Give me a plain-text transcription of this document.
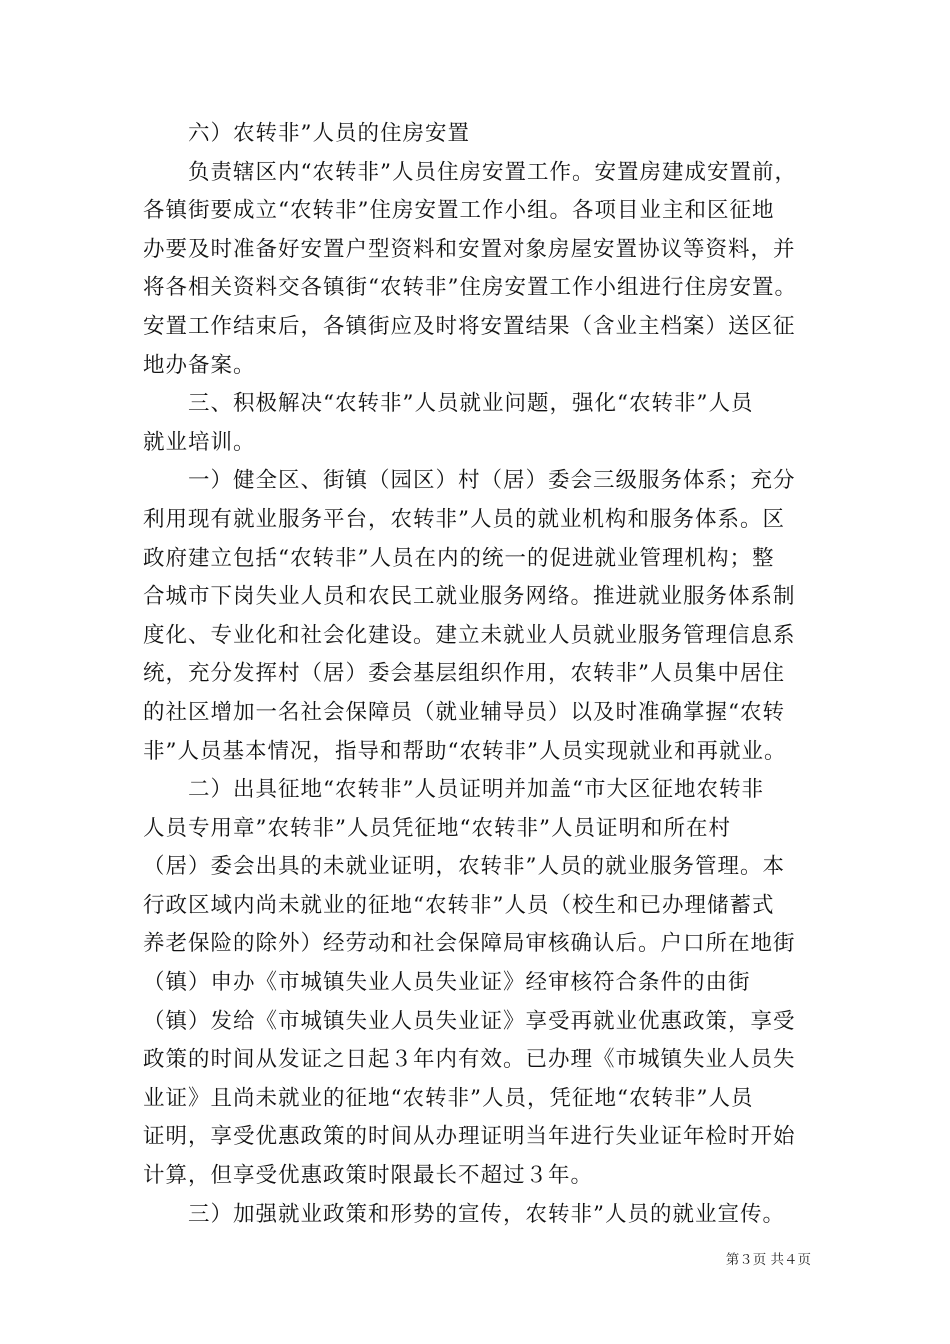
　　六）农转非”人员的住房安置

　　负责辖区内“农转非”人员住房安置工作。安置房建成安置前，
各镇街要成立“农转非”住房安置工作小组。各项目业主和区征地
办要及时准备好安置户型资料和安置对象房屋安置协议等资料，并
将各相关资料交各镇街“农转非”住房安置工作小组进行住房安置。
安置工作结束后，各镇街应及时将安置结果（含业主档案）送区征
地办备案。

　　三、积极解决“农转非”人员就业问题，强化“农转非”人员
就业培训。

　　一）健全区、街镇（园区）村（居）委会三级服务体系；充分
利用现有就业服务平台，农转非”人员的就业机构和服务体系。区
政府建立包括“农转非”人员在内的统一的促进就业管理机构；整
合城市下岗失业人员和农民工就业服务网络。推进就业服务体系制
度化、专业化和社会化建设。建立未就业人员就业服务管理信息系
统，充分发挥村（居）委会基层组织作用，农转非”人员集中居住
的社区增加一名社会保障员（就业辅导员）以及时准确掌握“农转
非”人员基本情况，指导和帮助“农转非”人员实现就业和再就业。

　　二）出具征地“农转非”人员证明并加盖“市大区征地农转非
人员专用章”农转非”人员凭征地“农转非”人员证明和所在村
（居）委会出具的未就业证明，农转非”人员的就业服务管理。本
行政区域内尚未就业的征地“农转非”人员（校生和已办理储蓄式
养老保险的除外）经劳动和社会保障局审核确认后。户口所在地街
（镇）申办《市城镇失业人员失业证》经审核符合条件的由街
（镇）发给《市城镇失业人员失业证》享受再就业优惠政策，享受
政策的时间从发证之日起３年内有效。已办理《市城镇失业人员失
业证》且尚未就业的征地“农转非”人员，凭征地“农转非”人员
证明，享受优惠政策的时间从办理证明当年进行失业证年检时开始
计算，但享受优惠政策时限最长不超过３年。

　　三）加强就业政策和形势的宣传，农转非”人员的就业宣传。

第３页 共４页
